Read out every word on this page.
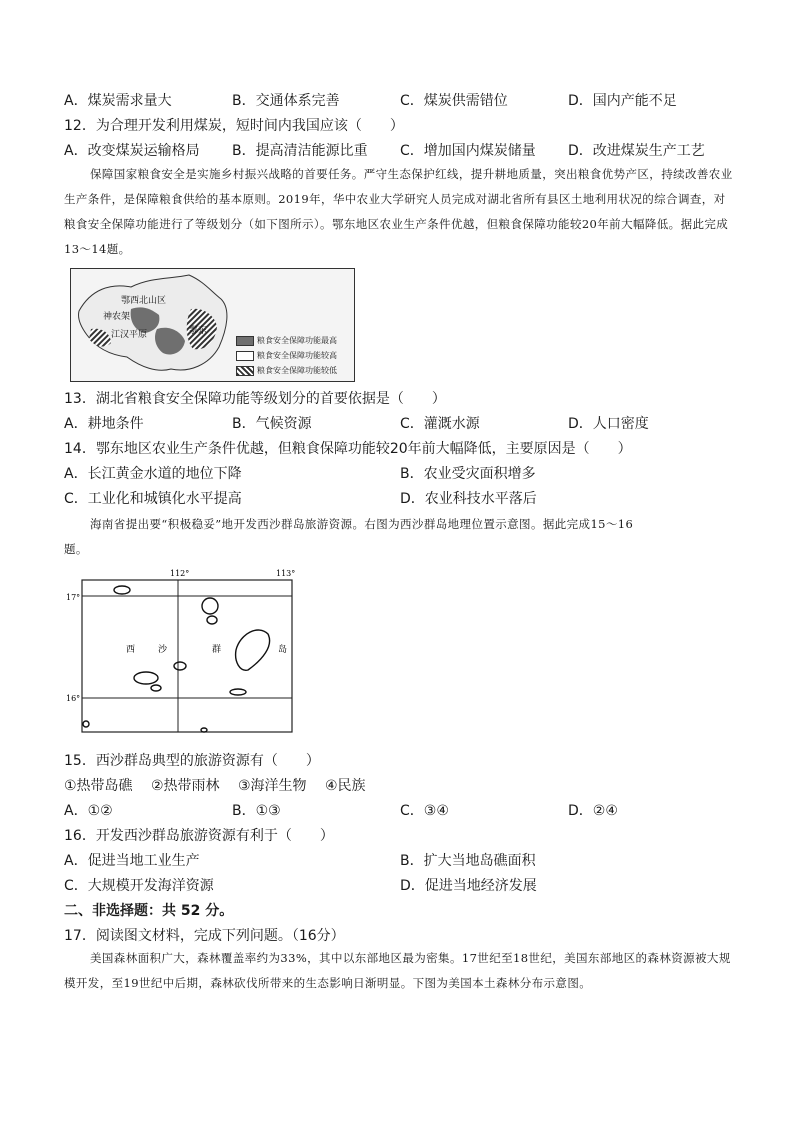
A．煤炭需求量大	B．交通体系完善	C．煤炭供需错位	D．国内产能不足
12．为合理开发利用煤炭，短时间内我国应该（　　）
A．改变煤炭运输格局 B．提高清洁能源比重 C．增加国内煤炭储量 D．改进煤炭生产工艺
保障国家粮食安全是实施乡村振兴战略的首要任务。严守生态保护红线，提升耕地质量，突出粮食优势产区，持续改善农业生产条件，是保障粮食供给的基本原则。2019年，华中农业大学研究人员完成对湖北省所有县区土地利用状况的综合调查，对粮食安全保障功能进行了等级划分（如下图所示）。鄂东地区农业生产条件优越，但粮食保障功能较20年前大幅降低。据此完成13～14题。
鄂西北山区
神农架
江汉平原	鄂东
粮食安全保障功能最高
粮食安全保障功能较高
粮食安全保障功能较低
13．湖北省粮食安全保障功能等级划分的首要依据是（　　）
A．耕地条件	B．气候资源	C．灌溉水源	D．人口密度
14．鄂东地区农业生产条件优越，但粮食保障功能较20年前大幅降低，主要原因是（　　）
A．长江黄金水道的地位下降	B．农业受灾面积增多
C．工业化和城镇化水平提高	D．农业科技水平落后
海南省提出要“积极稳妥”地开发西沙群岛旅游资源。右图为西沙群岛地理位置示意图。据此完成15～16
题。
112°	113°
17°
16°
西	沙	群	岛
15．西沙群岛典型的旅游资源有（　　）
①热带岛礁　 ②热带雨林　 ③海洋生物　 ④民族
A．①②	B．①③	C．③④	D．②④
16．开发西沙群岛旅游资源有利于（　　）
A．促进当地工业生产	B．扩大当地岛礁面积
C．大规模开发海洋资源	D．促进当地经济发展
二、非选择题：共 52 分。
17．阅读图文材料，完成下列问题。（16分）
美国森林面积广大，森林覆盖率约为33%，其中以东部地区最为密集。17世纪至18世纪，美国东部地区的森林资源被大规模开发，至19世纪中后期，森林砍伐所带来的生态影响日渐明显。下图为美国本土森林分布示意图。
